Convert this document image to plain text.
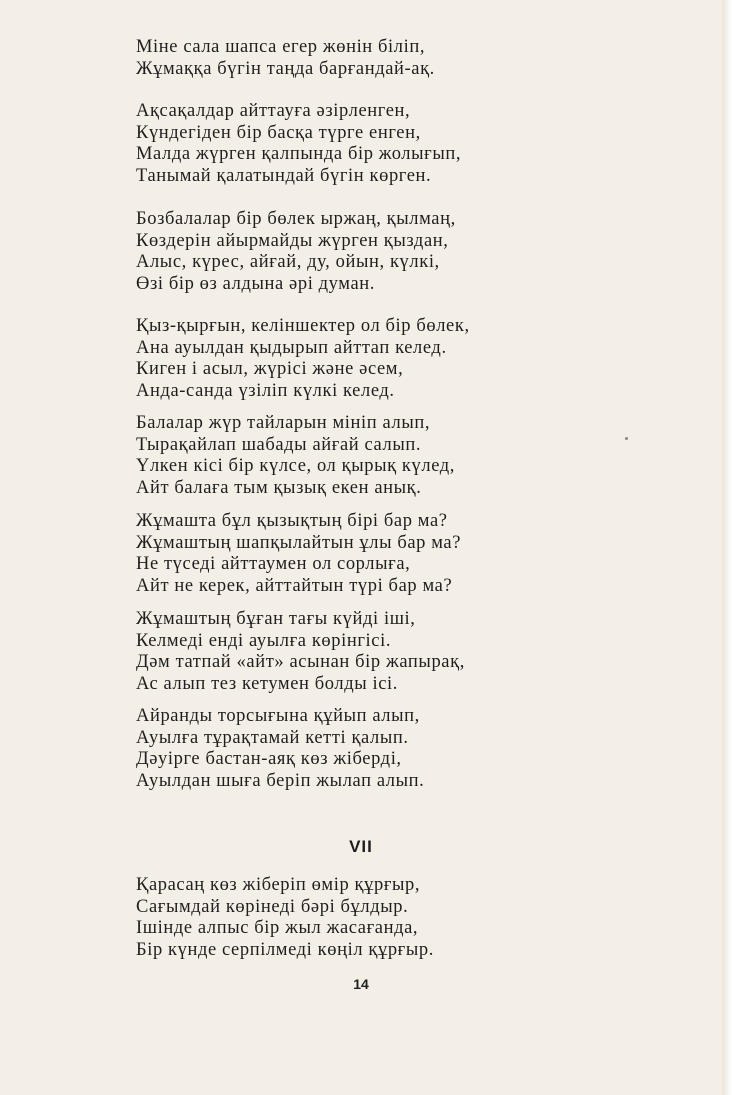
Міне сала шапса егер жөнін біліп,
Жұмаққа бүгін таңда барғандай-ақ.
Ақсақалдар айттауға әзірленген,
Күндегіден бір басқа түрге енген,
Малда жүрген қалпында бір жолығып,
Танымай қалатындай бүгін көрген.
Бозбалалар бір бөлек ыржаң, қылмаң,
Көздерін айырмайды жүрген қыздан,
Алыс, күрес, айғай, ду, ойын, күлкі,
Өзі бір өз алдына әрі думан.
Қыз-қырғын, келіншектер ол бір бөлек,
Ана ауылдан қыдырып айттап келед.
Киген і асыл, жүрісі және әсем,
Анда-санда үзіліп күлкі келед.
Балалар жүр тайларын мініп алып,
Тырақайлап шабады айғай салып.
Үлкен кісі бір күлсе, ол қырық күлед,
Айт балаға тым қызық екен анық.
Жұмашта бұл қызықтың бірі бар ма?
Жұмаштың шапқылайтын ұлы бар ма?
Не түседі айттаумен ол сорлыға,
Айт не керек, айттайтын түрі бар ма?
Жұмаштың бұған тағы күйді іші,
Келмеді енді ауылға көрінгісі.
Дәм татпай «айт» асынан бір жапырақ,
Ас алып тез кетумен болды ісі.
Айранды торсығына құйып алып,
Ауылға тұрақтамай кетті қалып.
Дәуірге бастан-аяқ көз жіберді,
Ауылдан шыға беріп жылап алып.
VII
Қарасаң көз жіберіп өмір құрғыр,
Сағымдай көрінеді бәрі бұлдыр.
Ішінде алпыс бір жыл жасағанда,
Бір күнде серпілмеді көңіл құрғыр.
14
